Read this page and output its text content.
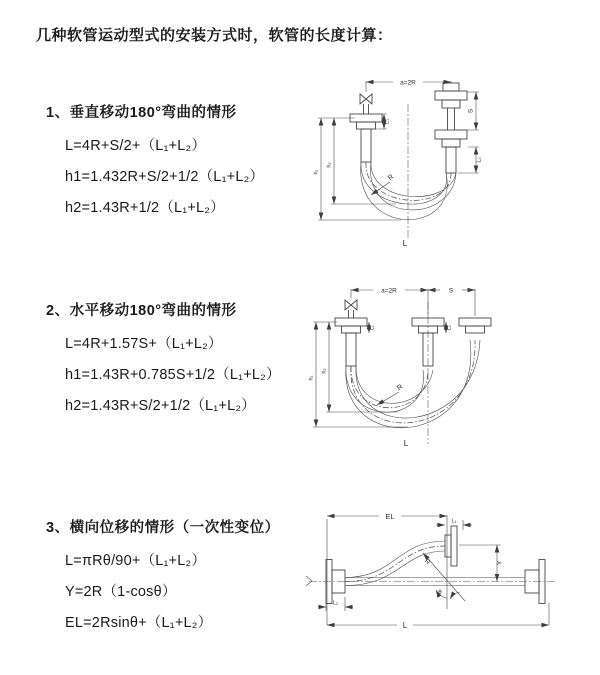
几种软管运动型式的安装方式时，软管的长度计算：
1、垂直移动180°弯曲的情形
L=4R+S/2+（L₁+L₂）
h1=1.432R+S/2+1/2（L₁+L₂）
h2=1.43R+1/2（L₁+L₂）
2、水平移动180°弯曲的情形
L=4R+1.57S+（L₁+L₂）
h1=1.43R+0.785S+1/2（L₁+L₂）
h2=1.43R+S/2+1/2（L₁+L₂）
3、横向位移的情形（一次性变位）
L=πRθ/90+（L₁+L₂）
Y=2R（1-cosθ）
EL=2Rsinθ+（L₁+L₂）
a=2R
S
L₂
L₁
h₁
h₂
R
L
a=2R	S
L₁	L₂
h₁
h₂
R
L
EL
L₁
Y
L
L₂
R
θ
